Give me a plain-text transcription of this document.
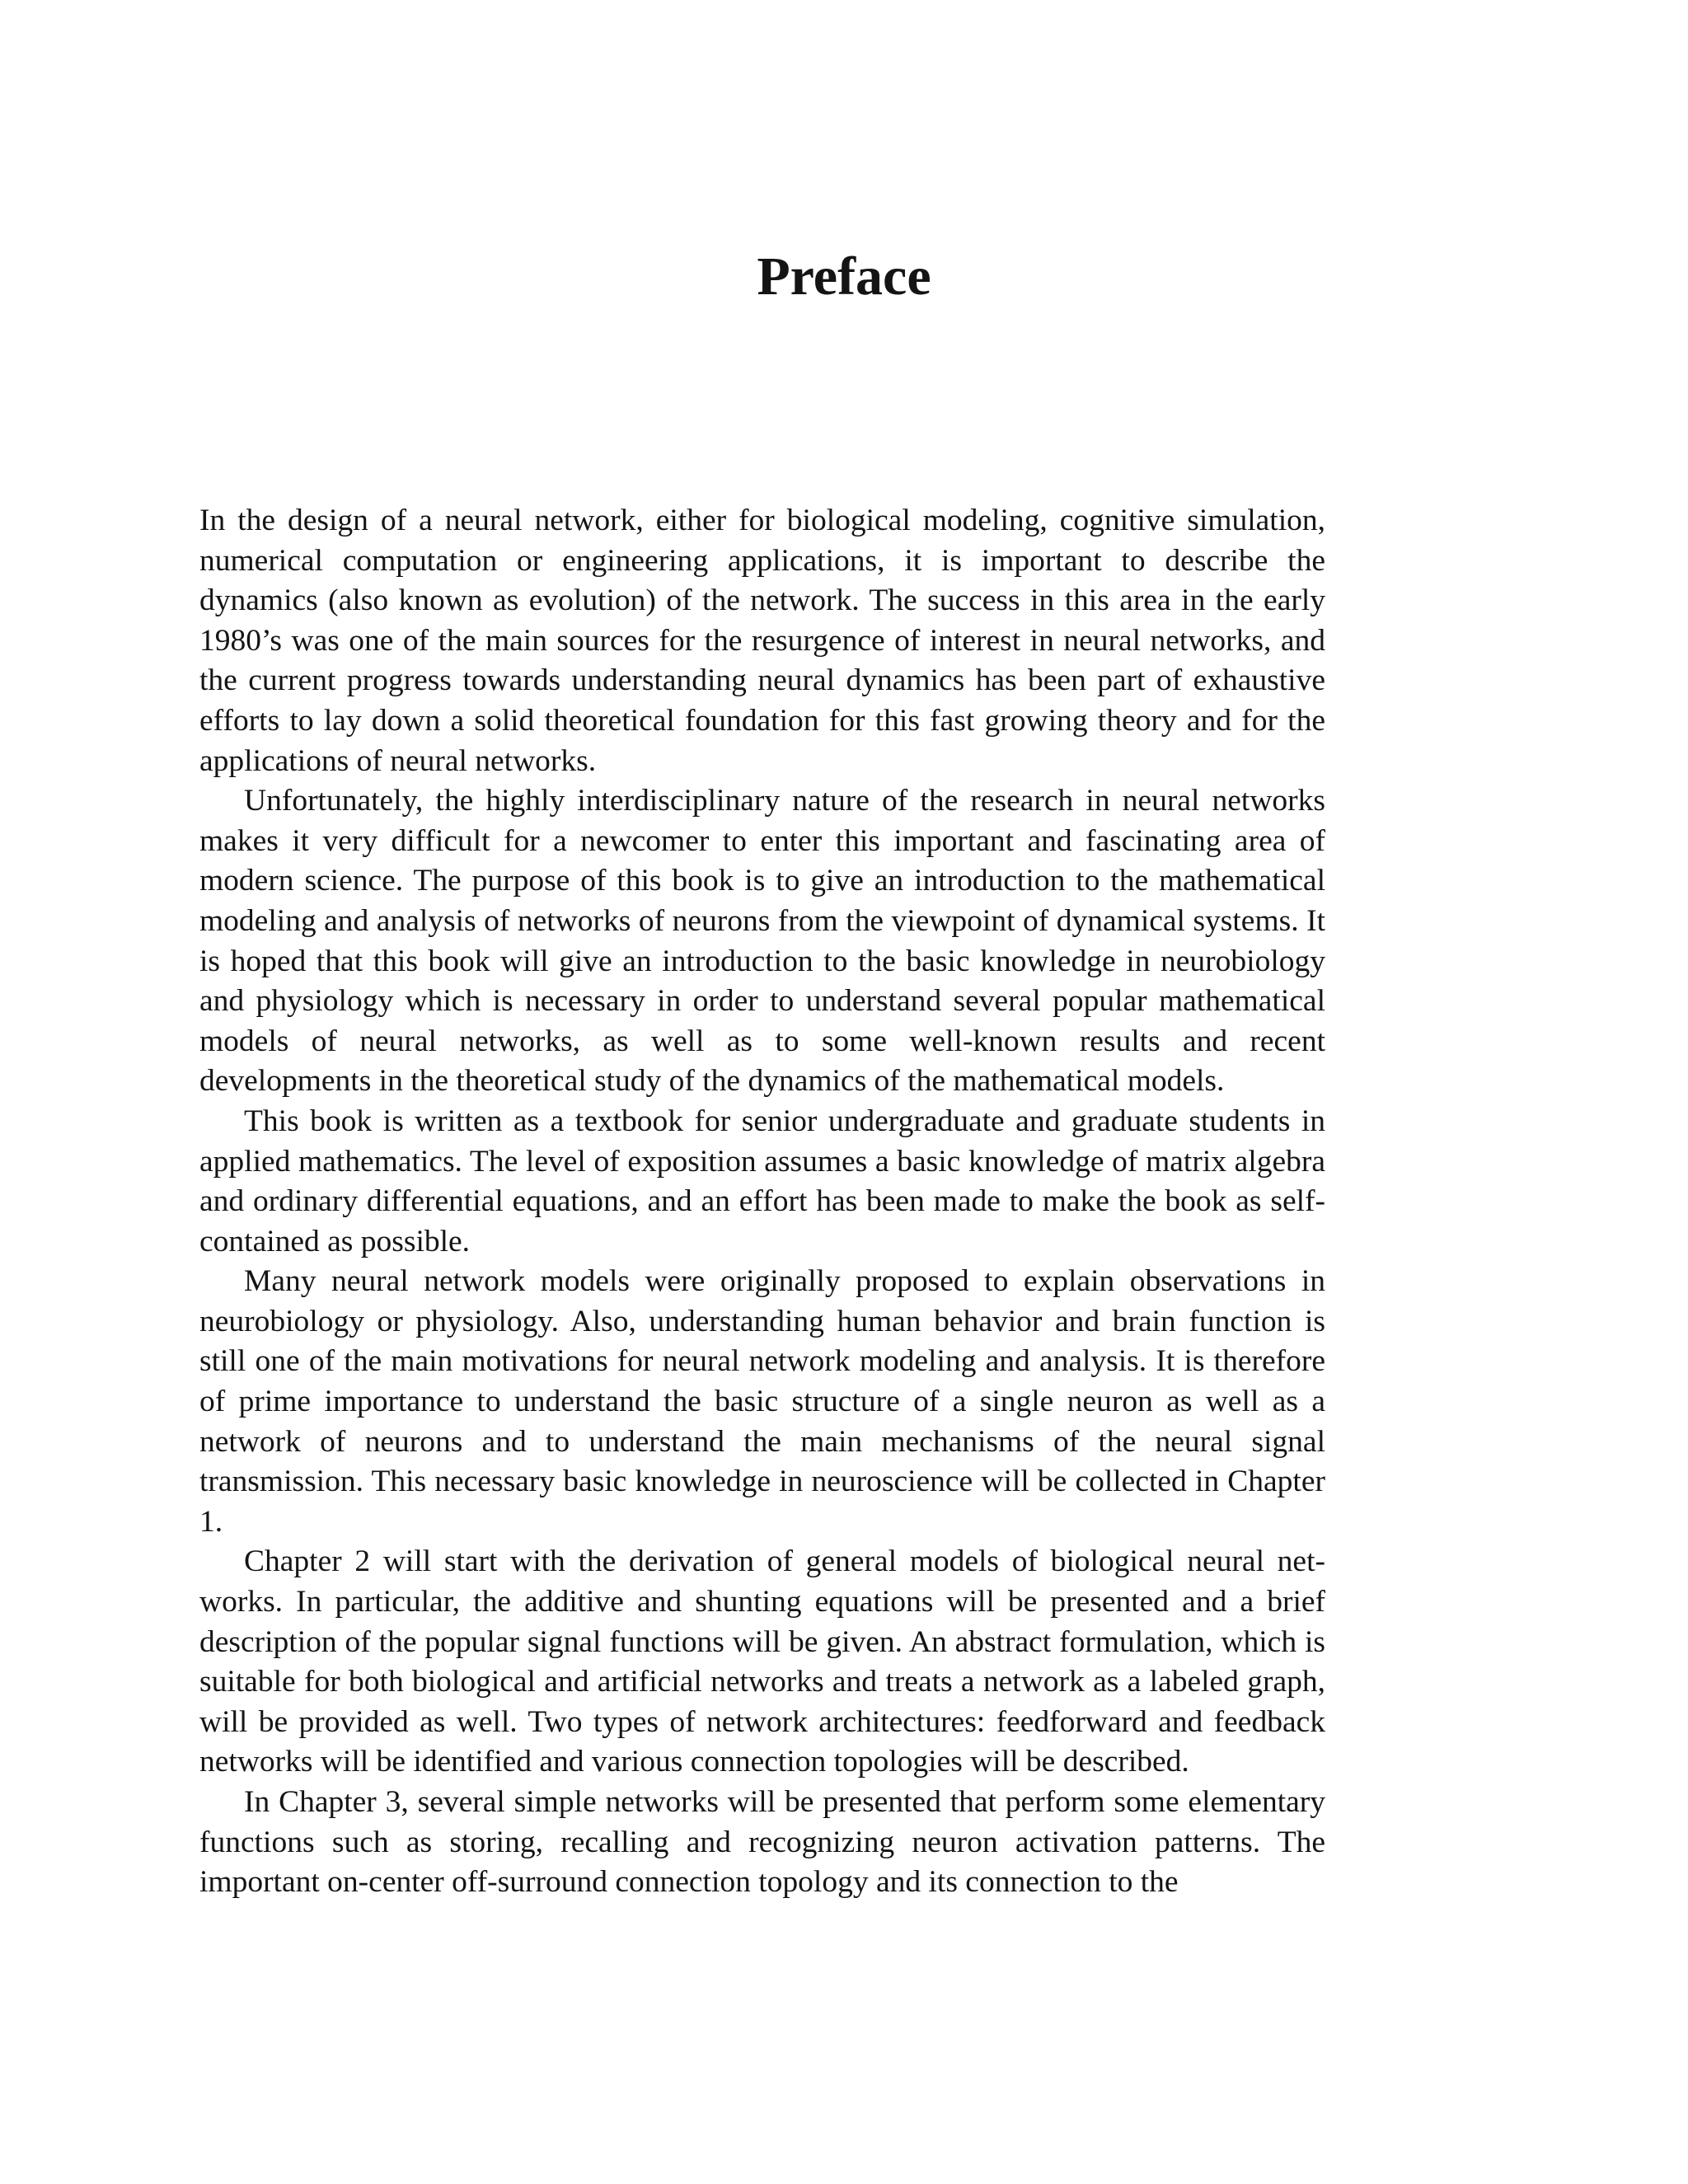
Preface

In the design of a neural network, either for biological modeling, cognitive simulation, numerical computation or engineering applications, it is important to describe the dynamics (also known as evolution) of the network. The success in this area in the early 1980’s was one of the main sources for the resurgence of interest in neural networks, and the current progress towards understanding neural dynamics has been part of exhaustive efforts to lay down a solid theoretical foundation for this fast growing theory and for the applications of neural networks.

Unfortunately, the highly interdisciplinary nature of the research in neural networks makes it very difficult for a newcomer to enter this important and fascinating area of modern science. The purpose of this book is to give an introduction to the mathematical modeling and analysis of networks of neurons from the viewpoint of dynamical systems. It is hoped that this book will give an introduction to the basic knowledge in neurobiology and physiology which is necessary in order to understand several popular mathematical models of neural networks, as well as to some well-known results and recent developments in the theoretical study of the dynamics of the mathematical models.

This book is written as a textbook for senior undergraduate and graduate students in applied mathematics. The level of exposition assumes a basic knowledge of matrix algebra and ordinary differential equations, and an effort has been made to make the book as self-contained as possible.

Many neural network models were originally proposed to explain observations in neurobiology or physiology. Also, understanding human behavior and brain function is still one of the main motivations for neural network modeling and analysis. It is therefore of prime importance to understand the basic structure of a single neuron as well as a network of neurons and to understand the main mechanisms of the neural signal transmission. This necessary basic knowledge in neuroscience will be collected in Chapter 1.

Chapter 2 will start with the derivation of general models of biological neural networks. In particular, the additive and shunting equations will be presented and a brief description of the popular signal functions will be given. An abstract formulation, which is suitable for both biological and artificial networks and treats a network as a labeled graph, will be provided as well. Two types of network architectures: feedforward and feedback networks will be identified and various connection topologies will be described.

In Chapter 3, several simple networks will be presented that perform some elementary functions such as storing, recalling and recognizing neuron activation patterns. The important on-center off-surround connection topology and its connection to the
